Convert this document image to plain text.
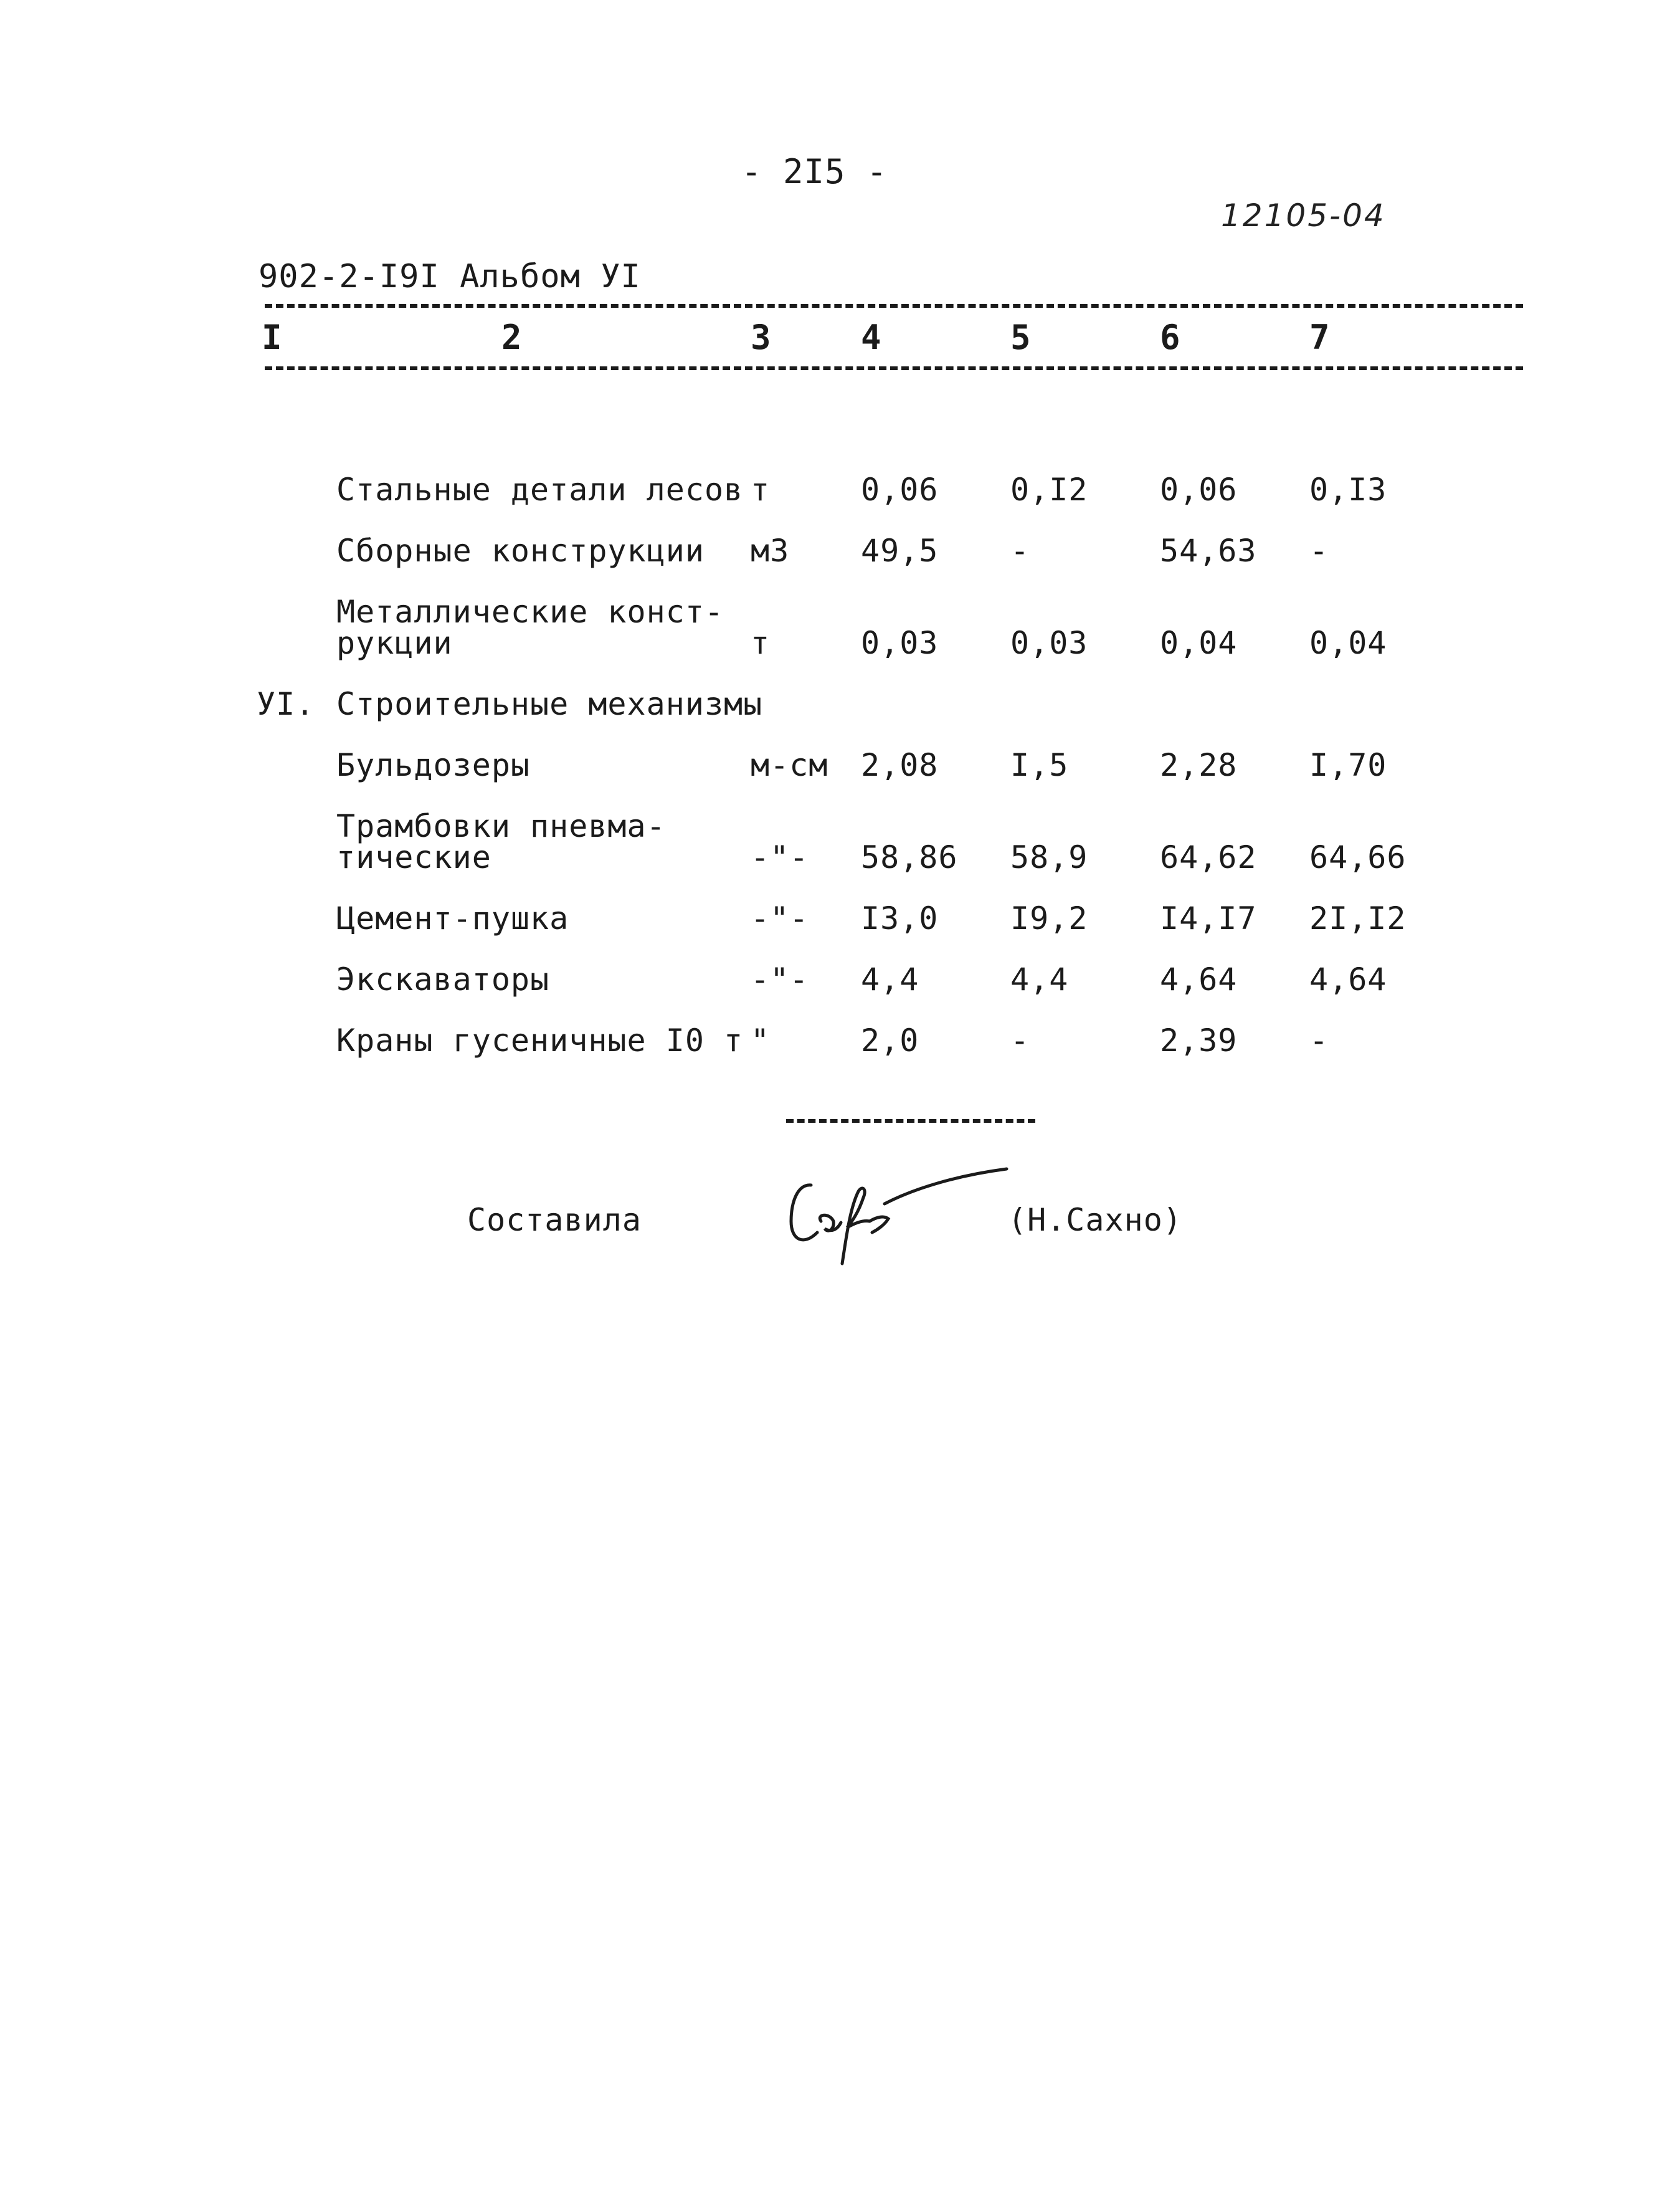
- 2I5 -
12105-04
902-2-I9I Альбом УI
I	2	3	4	5	6	7
Стальные детали лесов т	0,06 0,I2 0,06 0,I3
Сборные конструкции м3 49,5 -	54,63 -
Металлические конст-
рукции	т	0,03 0,03 0,04 0,04
УI. Строительные механизмы
Бульдозеры	м-см 2,08 I,5	2,28 I,70
Трамбовки пневма-
тические	-"- 58,86 58,9 64,62 64,66
Цемент-пушка	-"- I3,0 I9,2 I4,I7 2I,I2
Экскаваторы	-"- 4,4	4,4	4,64 4,64
Краны гусеничные I0 т "	2,0	-	2,39 -
Составила	(Н.Сахно)
